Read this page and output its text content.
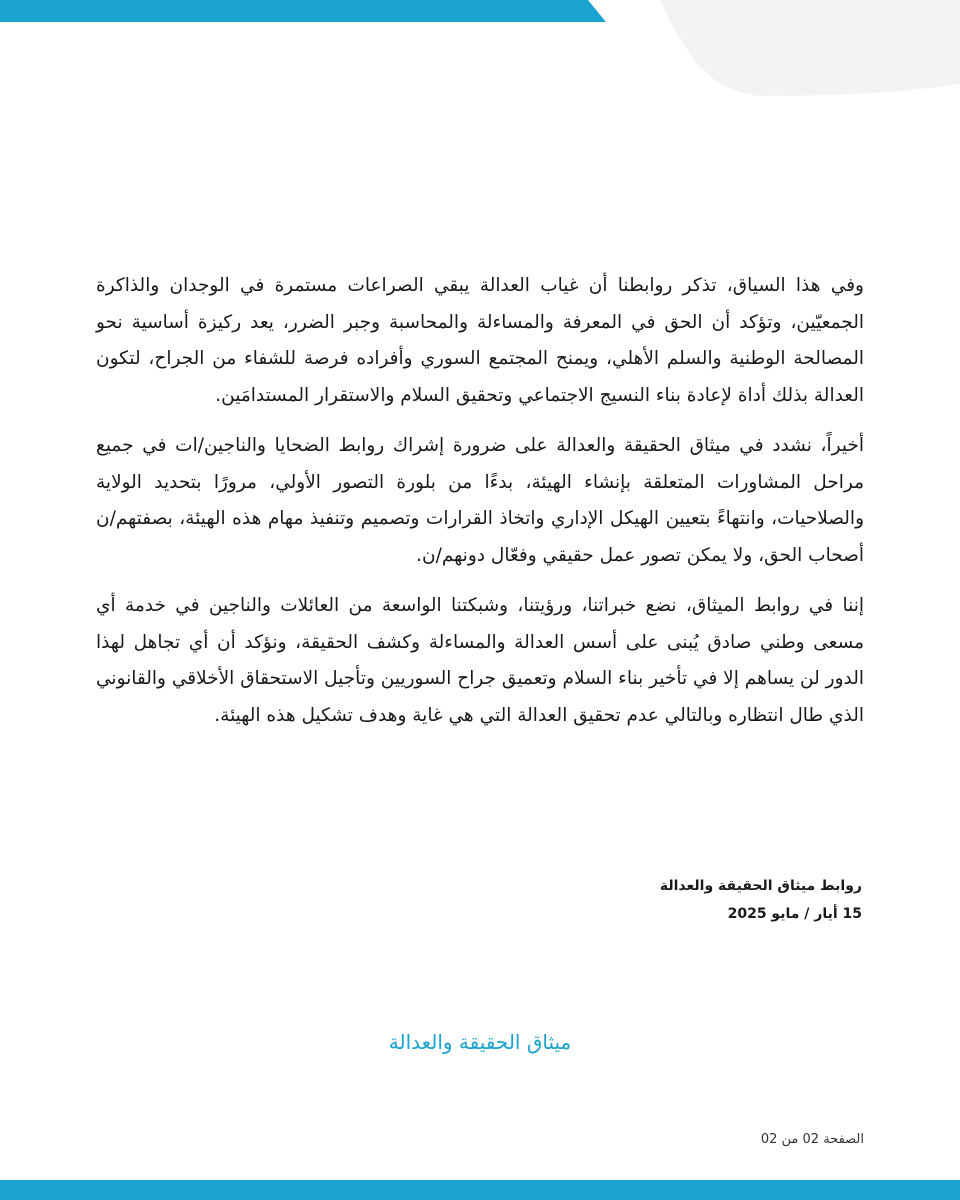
وفي هذا السياق، تذكر روابطنا أن غياب العدالة يبقي الصراعات مستمرة في الوجدان والذاكرة الجمعيّين، وتؤكد أن الحق في المعرفة والمساءلة والمحاسبة وجبر الضرر، يعد ركيزة أساسية نحو المصالحة الوطنية والسلم الأهلي، ويمنح المجتمع السوري وأفراده فرصة للشفاء من الجراح، لتكون العدالة بذلك أداة لإعادة بناء النسيج الاجتماعي وتحقيق السلام والاستقرار المستدامَين.

أخيراً، نشدد في ميثاق الحقيقة والعدالة على ضرورة إشراك روابط الضحايا والناجين/ات في جميع مراحل المشاورات المتعلقة بإنشاء الهيئة، بدءًا من بلورة التصور الأولي، مرورًا بتحديد الولاية والصلاحيات، وانتهاءً بتعيين الهيكل الإداري واتخاذ القرارات وتصميم وتنفيذ مهام هذه الهيئة، بصفتهم/ن أصحاب الحق، ولا يمكن تصور عمل حقيقي وفعّال دونهم/ن.

إننا في روابط الميثاق، نضع خبراتنا، ورؤيتنا، وشبكتنا الواسعة من العائلات والناجين في خدمة أي مسعى وطني صادق يُبنى على أسس العدالة والمساءلة وكشف الحقيقة، ونؤكد أن أي تجاهل لهذا الدور لن يساهم إلا في تأخير بناء السلام وتعميق جراح السوريين وتأجيل الاستحقاق الأخلاقي والقانوني الذي طال انتظاره وبالتالي عدم تحقيق العدالة التي هي غاية وهدف تشكيل هذه الهيئة.

روابط ميثاق الحقيقة والعدالة
15 أيار / مايو 2025
ميثاق الحقيقة والعدالة
الصفحة 02 من 02
